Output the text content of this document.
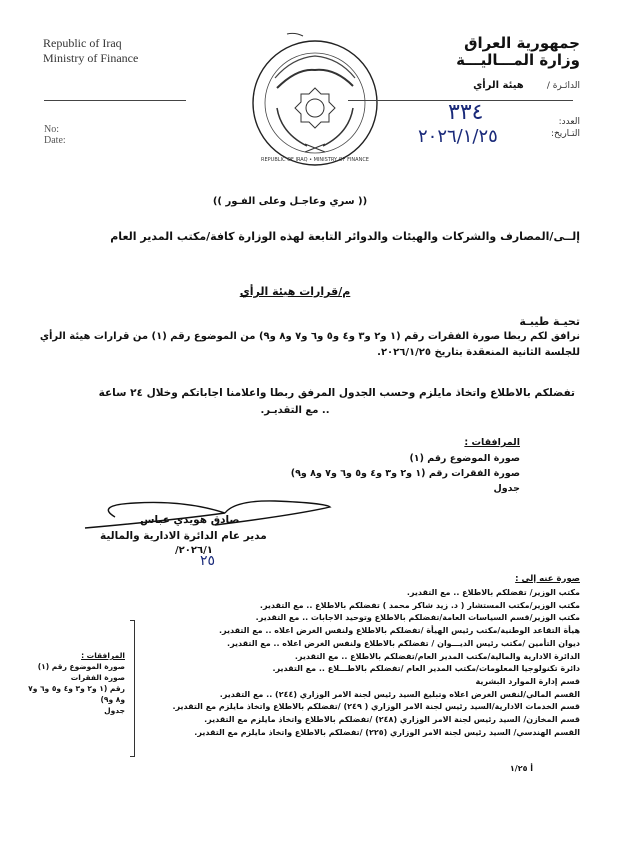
Republic of Iraq
Ministry of Finance
No:
Date:
REPUBLIC OF IRAQ • MINISTRY OF FINANCE
جمهورية العراق
وزارة المـــاليـــة
الدائـرة / هيئة الرأي
العدد:
٣٣٤
التـاريخ:
٢٠٢٦/١/٢٥
(( سري وعاجـل وعلى الفـور ))
إلــى/المصارف والشركات والهيئات والدوائر التابعة لهذه الوزارة كافة/مكتب المدير العام
م/قرارات هيئة الرأي
تحيـة طيبـة
نرافق لكم ربطا صورة الفقرات رقم (١ و٢ و٣ و٤ و٥ و٦ و٧ و٨ و٩) من الموضوع رقم (١) من قرارات هيئة الرأي
للجلسة الثانية المنعقدة بتاريخ ٢٠٢٦/١/٢٥.
تفضلكم بالاطلاع واتخاذ مايلزم وحسب الجدول المرفق ربطا واعلامنا اجاباتكم وخلال ٢٤ ساعة
.. مع التقديـر.
المرافقات :
صورة الموضوع رقم (١)
صورة الفقرات رقم (١ و٢ و٣ و٤ و٥ و٦ و٧ و٨ و٩)
جدول
صادق هويدي عباس
مدير عام الدائرة الادارية والمالية
٢٠٢٦/١/
٢٥
صورة عنه إلى :
مكتب الوزير/ تفضلكم بالاطلاع .. مع التقدير.
مكتب الوزير/مكتب المستشار ( د. زيد شاكر محمد ) تفضلكم بالاطلاع .. مع التقدير.
مكتب الوزير/قسم السياسات العامة/تفضلكم بالاطلاع وتوحيد الاجابات .. مع التقدير.
هيأة التقاعد الوطنية/مكتب رئيس الهيأة /تفضلكم بالاطلاع ولنفس الغرض اعلاه .. مع التقدير.
ديوان التأمين /مكتب رئيس الديـــوان / تفضلكم بالاطلاع ولنفس الغرض اعلاه .. مع التقدير.
الدائرة الادارية والمالية/مكتب المدير العام/تفضلكم بالاطلاع .. مع التقدير.
دائرة تكنولوجيا المعلومات/مكتب المدير العام /تفضلكم بالاطـــلاع .. مع التقدير.
قسم إدارة الموارد البشرية
القسم المالي/لنفس الغرض اعلاه وتبليغ السيد رئيس لجنة الامر الوزاري (٢٤٤) .. مع التقدير.
قسم الخدمات الادارية/السيد رئيس لجنة الامر الوزاري ( ٢٤٩) /تفضلكم بالاطلاع واتخاذ مايلزم مع التقدير.
قسم المخازن/ السيد رئيس لجنة الامر الوزاري (٢٤٨) /تفضلكم بالاطلاع واتخاذ مايلزم مع التقدير.
القسم الهندسي/ السيد رئيس لجنة الامر الوزاري (٢٢٥) /تفضلكم بالاطلاع واتخاذ مايلزم مع التقدير.
المرافقات :
صورة الموضوع رقم (١)
صورة الفقرات
رقم (١ و٢ و٣ و٤ و٥ و٦ و٧
و٨ و٩)
جدول
أ ١/٢٥
